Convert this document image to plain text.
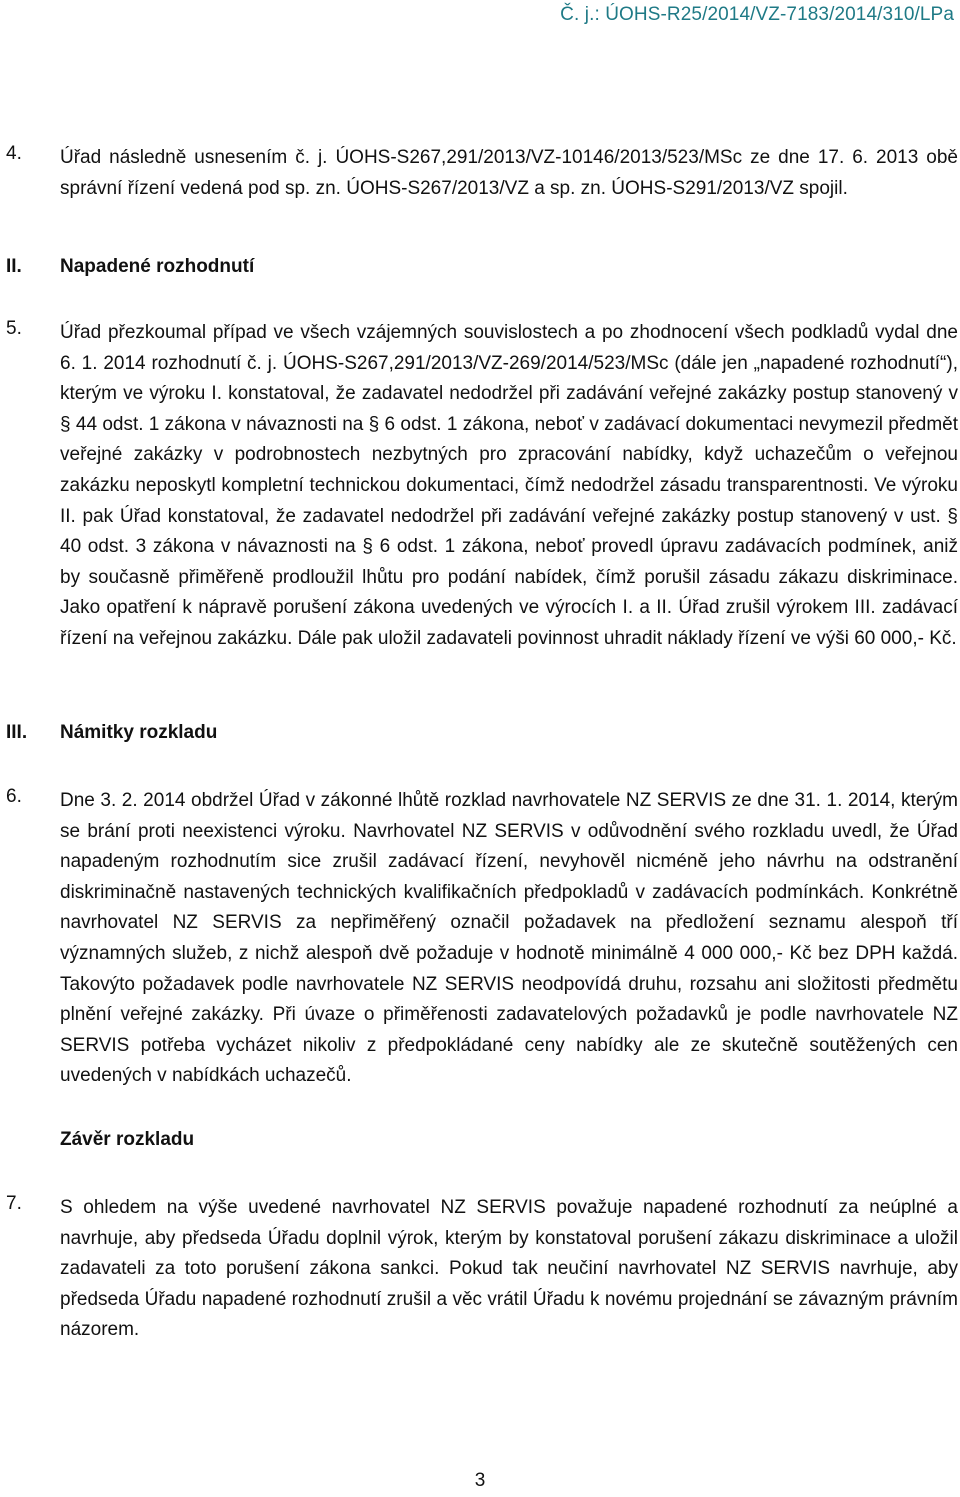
Č. j.: ÚOHS-R25/2014/VZ-7183/2014/310/LPa
4. Úřad následně usnesením č. j. ÚOHS-S267,291/2013/VZ-10146/2013/523/MSc ze dne 17. 6. 2013 obě správní řízení vedená pod sp. zn. ÚOHS-S267/2013/VZ a sp. zn. ÚOHS-S291/2013/VZ spojil.
II. Napadené rozhodnutí
5. Úřad přezkoumal případ ve všech vzájemných souvislostech a po zhodnocení všech podkladů vydal dne 6. 1. 2014 rozhodnutí č. j. ÚOHS-S267,291/2013/VZ-269/2014/523/MSc (dále jen „napadené rozhodnutí“), kterým ve výroku I. konstatoval, že zadavatel nedodržel při zadávání veřejné zakázky postup stanovený v § 44 odst. 1 zákona v návaznosti na § 6 odst. 1 zákona, neboť v zadávací dokumentaci nevymezil předmět veřejné zakázky v podrobnostech nezbytných pro zpracování nabídky, když uchazečům o veřejnou zakázku neposkytl kompletní technickou dokumentaci, čímž nedodržel zásadu transparentnosti. Ve výroku II. pak Úřad konstatoval, že zadavatel nedodržel při zadávání veřejné zakázky postup stanovený v ust. § 40 odst. 3 zákona v návaznosti na § 6 odst. 1 zákona, neboť provedl úpravu zadávacích podmínek, aniž by současně přiměřeně prodloužil lhůtu pro podání nabídek, čímž porušil zásadu zákazu diskriminace. Jako opatření k nápravě porušení zákona uvedených ve výrocích I. a II. Úřad zrušil výrokem III. zadávací řízení na veřejnou zakázku. Dále pak uložil zadavateli povinnost uhradit náklady řízení ve výši 60 000,- Kč.
III. Námitky rozkladu
6. Dne 3. 2. 2014 obdržel Úřad v zákonné lhůtě rozklad navrhovatele NZ SERVIS ze dne 31. 1. 2014, kterým se brání proti neexistenci výroku. Navrhovatel NZ SERVIS v odůvodnění svého rozkladu uvedl, že Úřad napadeným rozhodnutím sice zrušil zadávací řízení, nevyhověl nicméně jeho návrhu na odstranění diskriminačně nastavených technických kvalifikačních předpokladů v zadávacích podmínkách. Konkrétně navrhovatel NZ SERVIS za nepřiměřený označil požadavek na předložení seznamu alespoň tří významných služeb, z nichž alespoň dvě požaduje v hodnotě minimálně 4 000 000,- Kč bez DPH každá. Takovýto požadavek podle navrhovatele NZ SERVIS neodpovídá druhu, rozsahu ani složitosti předmětu plnění veřejné zakázky. Při úvaze o přiměřenosti zadavatelových požadavků je podle navrhovatele NZ SERVIS potřeba vycházet nikoliv z předpokládané ceny nabídky ale ze skutečně soutěžených cen uvedených v nabídkách uchazečů.
Závěr rozkladu
7. S ohledem na výše uvedené navrhovatel NZ SERVIS považuje napadené rozhodnutí za neúplné a navrhuje, aby předseda Úřadu doplnil výrok, kterým by konstatoval porušení zákazu diskriminace a uložil zadavateli za toto porušení zákona sankci. Pokud tak neučiní navrhovatel NZ SERVIS navrhuje, aby předseda Úřadu napadené rozhodnutí zrušil a věc vrátil Úřadu k novému projednání se závazným právním názorem.
3
